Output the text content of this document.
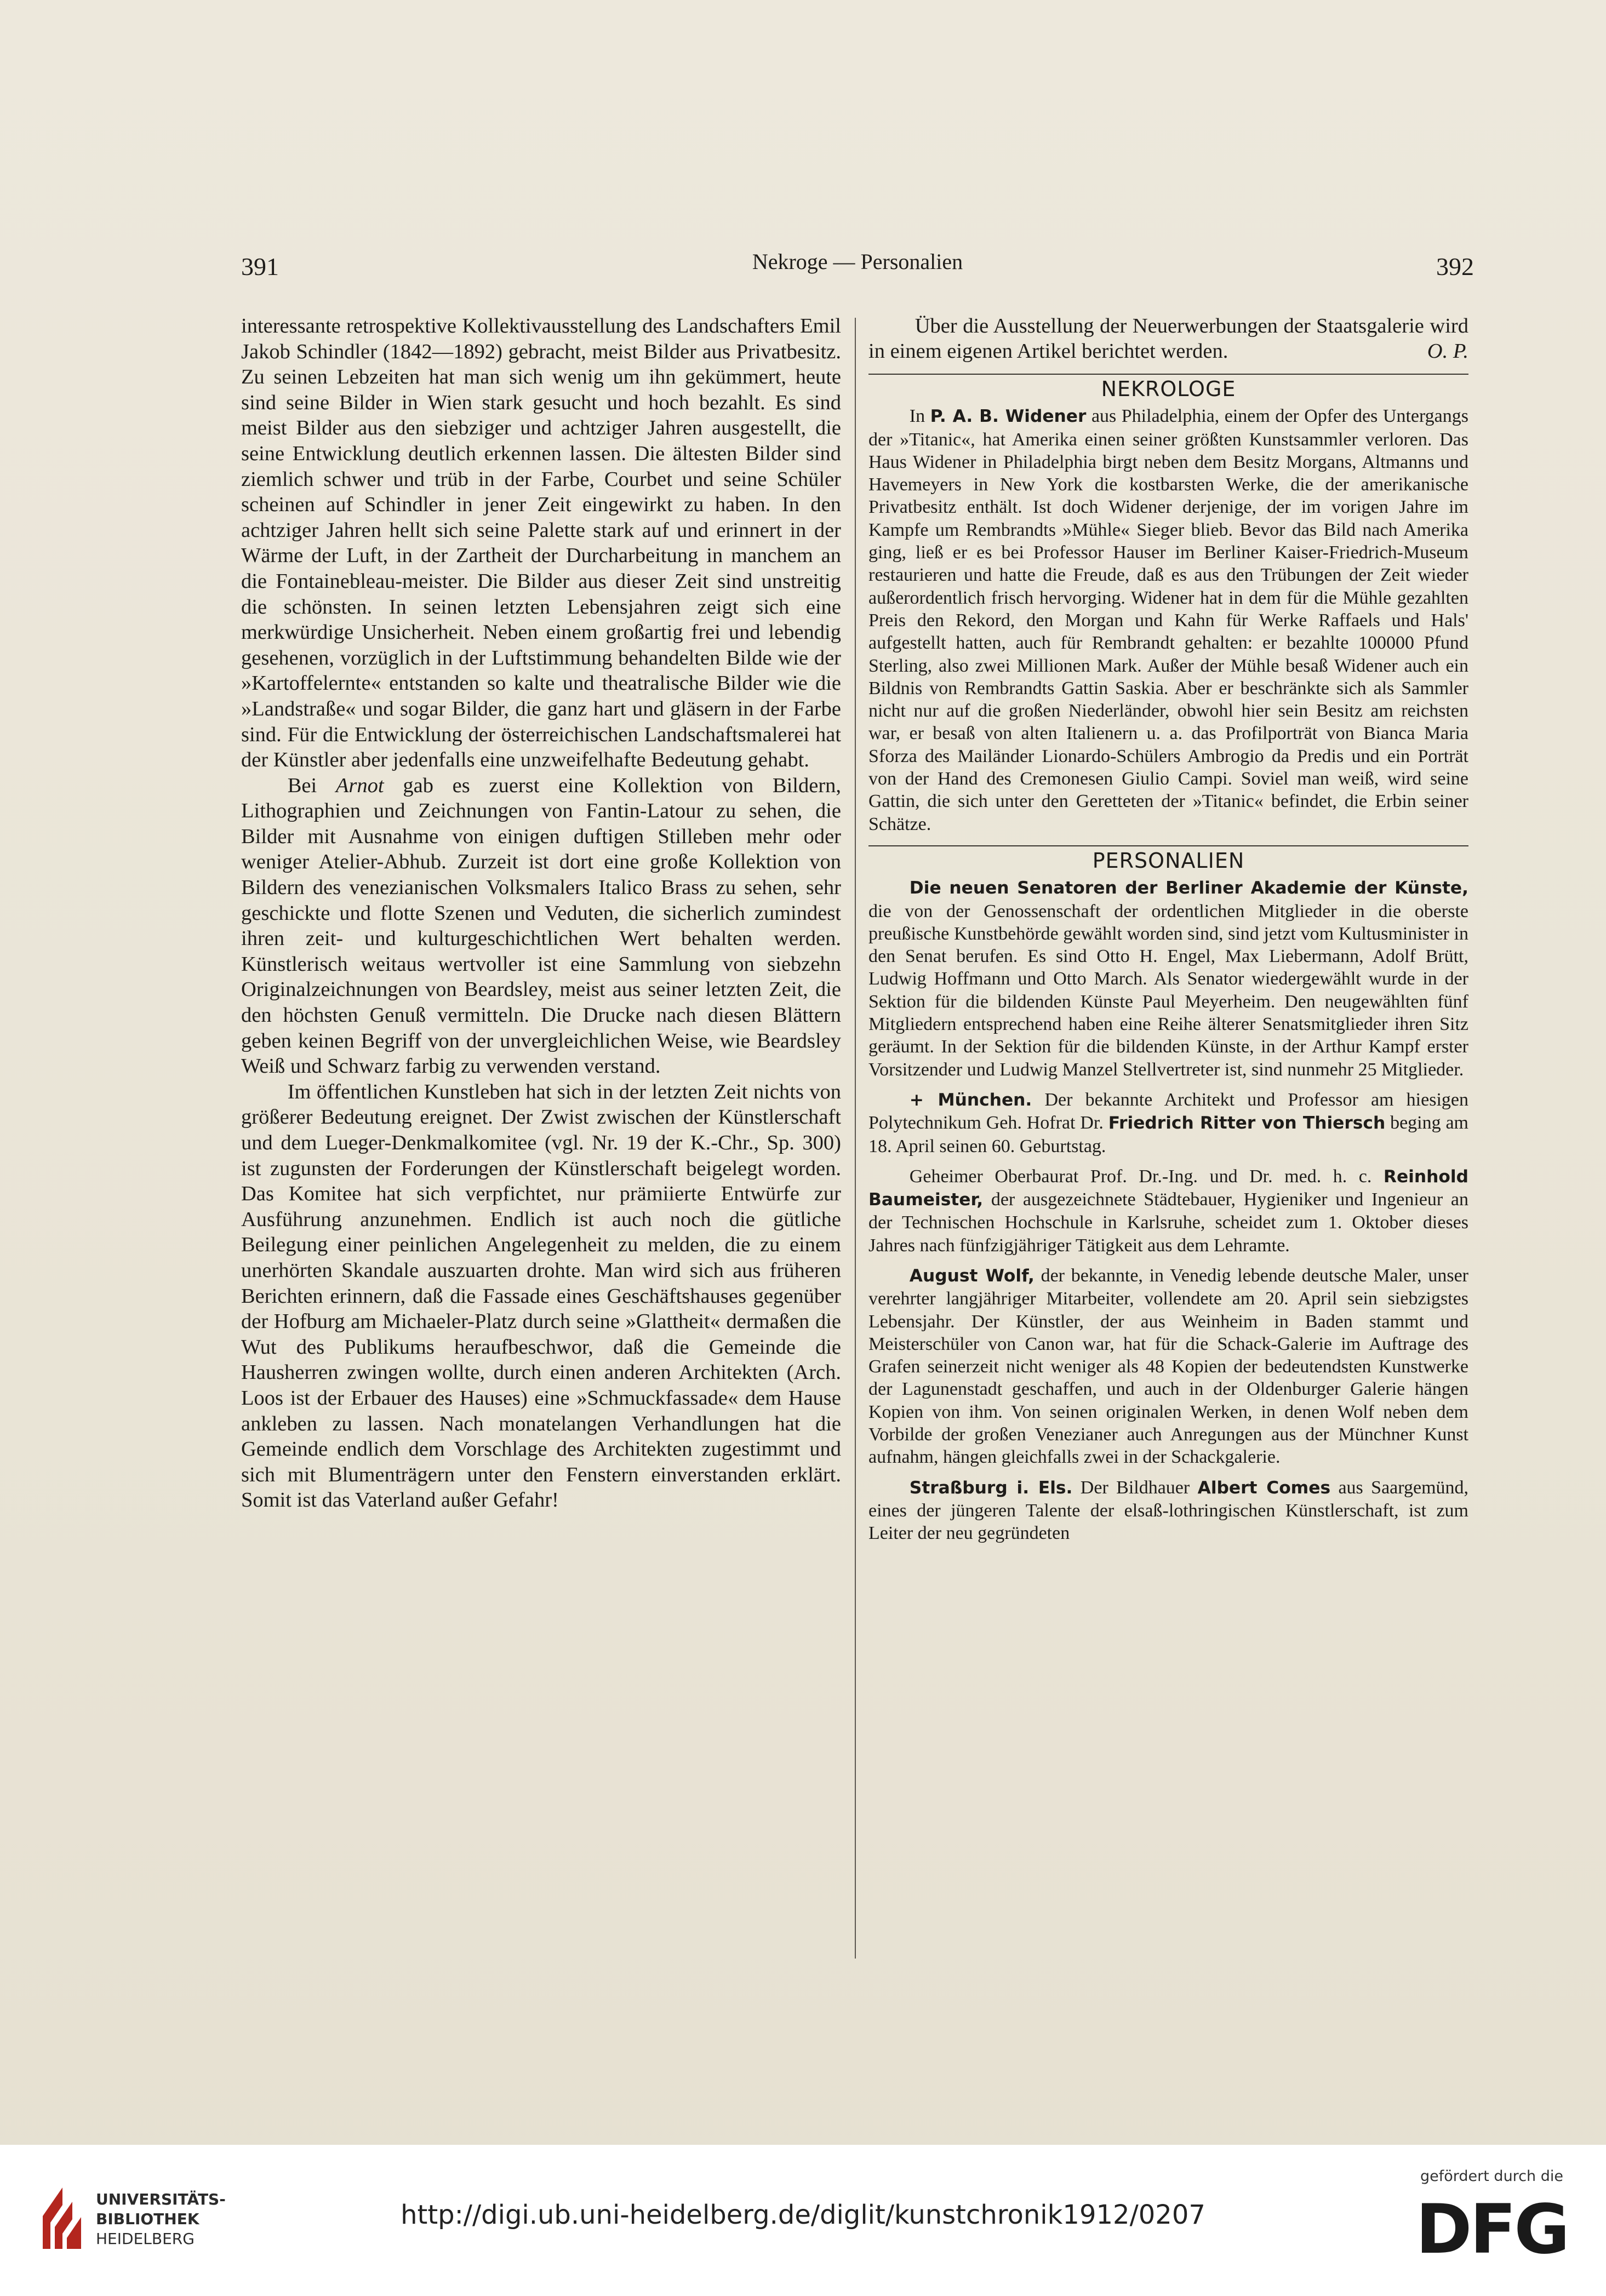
391	Nekroge — Personalien	392

interessante retrospektive Kollektivausstellung des Landschafters Emil Jakob Schindler (1842—1892) gebracht, meist Bilder aus Privatbesitz. Zu seinen Lebzeiten hat man sich wenig um ihn gekümmert, heute sind seine Bilder in Wien stark gesucht und hoch bezahlt. Es sind meist Bilder aus den siebziger und achtziger Jahren ausgestellt, die seine Entwicklung deutlich erkennen lassen. Die ältesten Bilder sind ziemlich schwer und trüb in der Farbe, Courbet und seine Schüler scheinen auf Schindler in jener Zeit eingewirkt zu haben. In den achtziger Jahren hellt sich seine Palette stark auf und erinnert in der Wärme der Luft, in der Zartheit der Durcharbeitung in manchem an die Fontainebleau-meister. Die Bilder aus dieser Zeit sind unstreitig die schönsten. In seinen letzten Lebensjahren zeigt sich eine merkwürdige Unsicherheit. Neben einem großartig frei und lebendig gesehenen, vorzüglich in der Luftstimmung behandelten Bilde wie der »Kartoffelernte« entstanden so kalte und theatralische Bilder wie die »Landstraße« und sogar Bilder, die ganz hart und gläsern in der Farbe sind. Für die Entwicklung der österreichischen Landschaftsmalerei hat der Künstler aber jedenfalls eine unzweifelhafte Bedeutung gehabt.

Bei Arnot gab es zuerst eine Kollektion von Bildern, Lithographien und Zeichnungen von Fantin-Latour zu sehen, die Bilder mit Ausnahme von einigen duftigen Stilleben mehr oder weniger Atelier-Abhub. Zurzeit ist dort eine große Kollektion von Bildern des venezianischen Volksmalers Italico Brass zu sehen, sehr geschickte und flotte Szenen und Veduten, die sicherlich zumindest ihren zeit- und kulturgeschichtlichen Wert behalten werden. Künstlerisch weitaus wertvoller ist eine Sammlung von siebzehn Originalzeichnungen von Beardsley, meist aus seiner letzten Zeit, die den höchsten Genuß vermitteln. Die Drucke nach diesen Blättern geben keinen Begriff von der unvergleichlichen Weise, wie Beardsley Weiß und Schwarz farbig zu verwenden verstand.

Im öffentlichen Kunstleben hat sich in der letzten Zeit nichts von größerer Bedeutung ereignet. Der Zwist zwischen der Künstlerschaft und dem Lueger-Denkmalkomitee (vgl. Nr. 19 der K.-Chr., Sp. 300) ist zugunsten der Forderungen der Künstlerschaft beigelegt worden. Das Komitee hat sich verpfichtet, nur prämiierte Entwürfe zur Ausführung anzunehmen. Endlich ist auch noch die gütliche Beilegung einer peinlichen Angelegenheit zu melden, die zu einem unerhörten Skandale auszuarten drohte. Man wird sich aus früheren Berichten erinnern, daß die Fassade eines Geschäftshauses gegenüber der Hofburg am Michaeler-Platz durch seine »Glattheit« dermaßen die Wut des Publikums heraufbeschwor, daß die Gemeinde die Hausherren zwingen wollte, durch einen anderen Architekten (Arch. Loos ist der Erbauer des Hauses) eine »Schmuckfassade« dem Hause ankleben zu lassen. Nach monatelangen Verhandlungen hat die Gemeinde endlich dem Vorschlage des Architekten zugestimmt und sich mit Blumenträgern unter den Fenstern einverstanden erklärt. Somit ist das Vaterland außer Gefahr!

Über die Ausstellung der Neuerwerbungen der Staatsgalerie wird in einem eigenen Artikel berichtet werden.	O. P.

NEKROLOGE

In P. A. B. Widener aus Philadelphia, einem der Opfer des Untergangs der »Titanic«, hat Amerika einen seiner größten Kunstsammler verloren. Das Haus Widener in Philadelphia birgt neben dem Besitz Morgans, Altmanns und Havemeyers in New York die kostbarsten Werke, die der amerikanische Privatbesitz enthält. Ist doch Widener derjenige, der im vorigen Jahre im Kampfe um Rembrandts »Mühle« Sieger blieb. Bevor das Bild nach Amerika ging, ließ er es bei Professor Hauser im Berliner Kaiser-Friedrich-Museum restaurieren und hatte die Freude, daß es aus den Trübungen der Zeit wieder außerordentlich frisch hervorging. Widener hat in dem für die Mühle gezahlten Preis den Rekord, den Morgan und Kahn für Werke Raffaels und Hals' aufgestellt hatten, auch für Rembrandt gehalten: er bezahlte 100000 Pfund Sterling, also zwei Millionen Mark. Außer der Mühle besaß Widener auch ein Bildnis von Rembrandts Gattin Saskia. Aber er beschränkte sich als Sammler nicht nur auf die großen Niederländer, obwohl hier sein Besitz am reichsten war, er besaß von alten Italienern u. a. das Profilporträt von Bianca Maria Sforza des Mailänder Lionardo-Schülers Ambrogio da Predis und ein Porträt von der Hand des Cremonesen Giulio Campi. Soviel man weiß, wird seine Gattin, die sich unter den Geretteten der »Titanic« befindet, die Erbin seiner Schätze.

PERSONALIEN

Die neuen Senatoren der Berliner Akademie der Künste, die von der Genossenschaft der ordentlichen Mitglieder in die oberste preußische Kunstbehörde gewählt worden sind, sind jetzt vom Kultusminister in den Senat berufen. Es sind Otto H. Engel, Max Liebermann, Adolf Brütt, Ludwig Hoffmann und Otto March. Als Senator wiedergewählt wurde in der Sektion für die bildenden Künste Paul Meyerheim. Den neugewählten fünf Mitgliedern entsprechend haben eine Reihe älterer Senatsmitglieder ihren Sitz geräumt. In der Sektion für die bildenden Künste, in der Arthur Kampf erster Vorsitzender und Ludwig Manzel Stellvertreter ist, sind nunmehr 25 Mitglieder.

+ München. Der bekannte Architekt und Professor am hiesigen Polytechnikum Geh. Hofrat Dr. Friedrich Ritter von Thiersch beging am 18. April seinen 60. Geburtstag.

Geheimer Oberbaurat Prof. Dr.-Ing. und Dr. med. h. c. Reinhold Baumeister, der ausgezeichnete Städtebauer, Hygieniker und Ingenieur an der Technischen Hochschule in Karlsruhe, scheidet zum 1. Oktober dieses Jahres nach fünfzigjähriger Tätigkeit aus dem Lehramte.

August Wolf, der bekannte, in Venedig lebende deutsche Maler, unser verehrter langjähriger Mitarbeiter, vollendete am 20. April sein siebzigstes Lebensjahr. Der Künstler, der aus Weinheim in Baden stammt und Meisterschüler von Canon war, hat für die Schack-Galerie im Auftrage des Grafen seinerzeit nicht weniger als 48 Kopien der bedeutendsten Kunstwerke der Lagunenstadt geschaffen, und auch in der Oldenburger Galerie hängen Kopien von ihm. Von seinen originalen Werken, in denen Wolf neben dem Vorbilde der großen Venezianer auch Anregungen aus der Münchner Kunst aufnahm, hängen gleichfalls zwei in der Schackgalerie.

Straßburg i. Els. Der Bildhauer Albert Comes aus Saargemünd, eines der jüngeren Talente der elsaß-lothringischen Künstlerschaft, ist zum Leiter der neu gegründeten

UNIVERSITÄTS-
BIBLIOTHEK
HEIDELBERG
http://digi.ub.uni-heidelberg.de/diglit/kunstchronik1912/0207
gefördert durch die
DFG
